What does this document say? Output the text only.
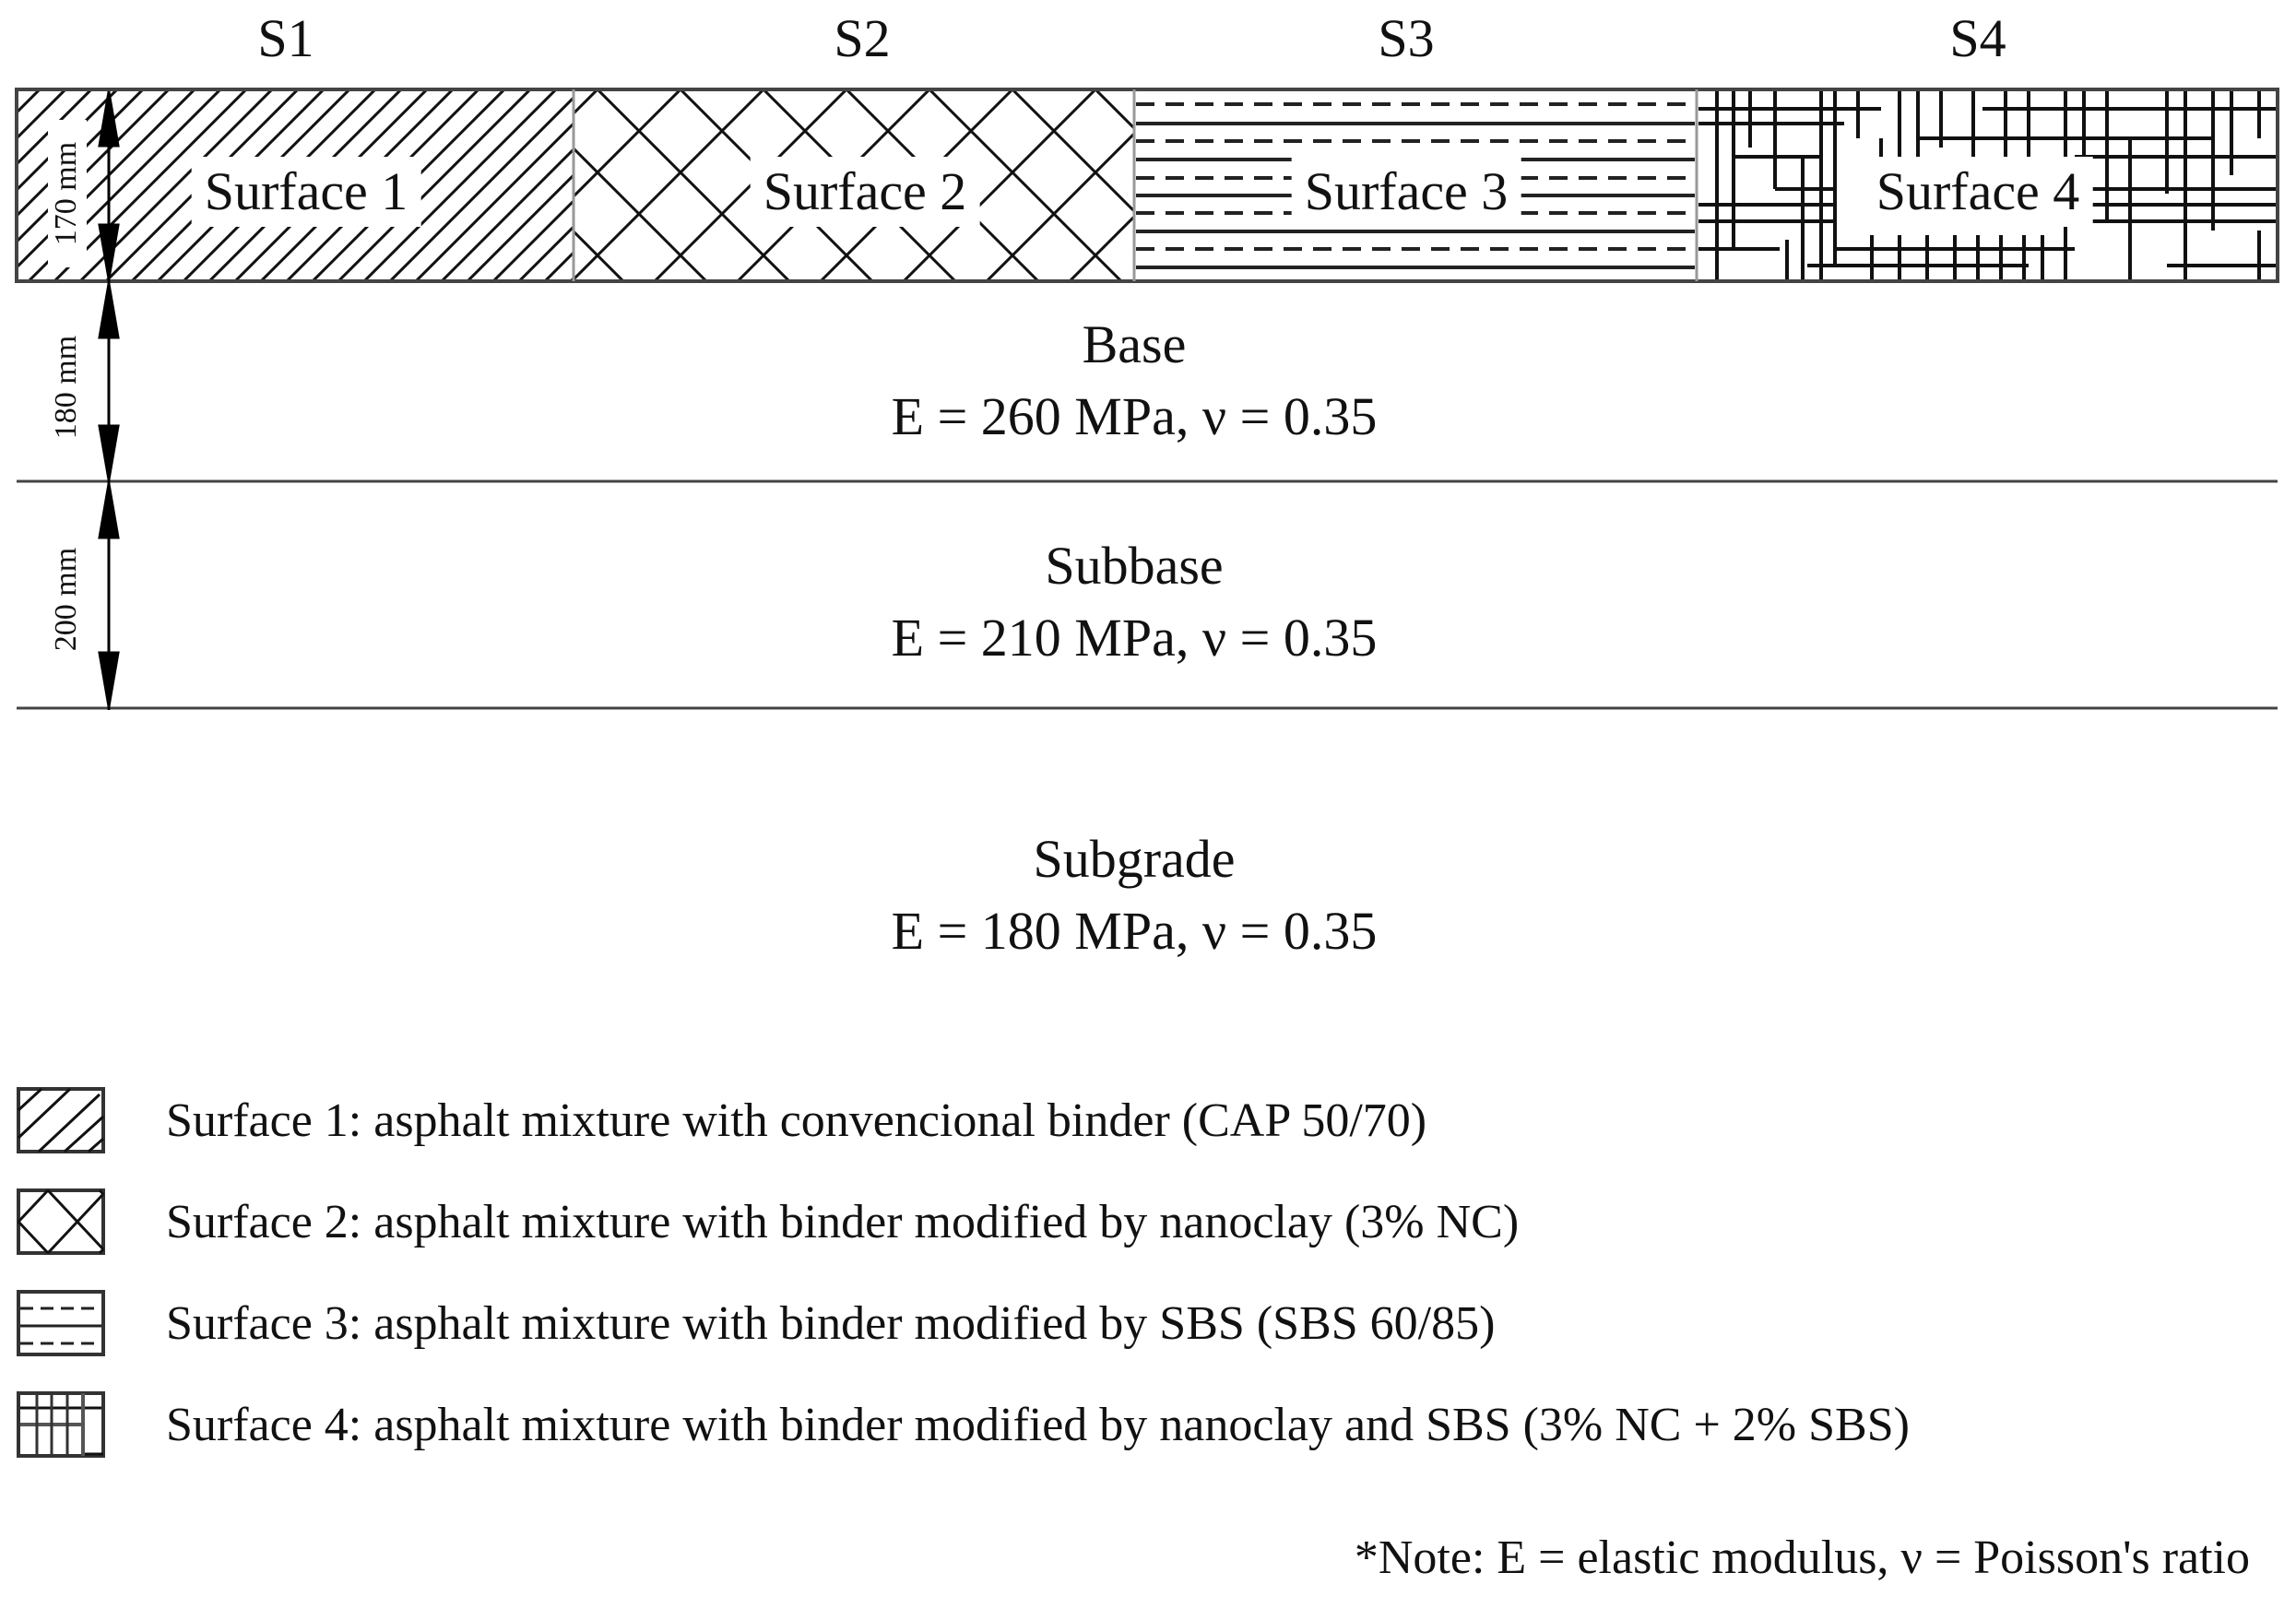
S1	S2	S3	S4
Surface 1	Surface 2	Surface 3	Surface 4
170 mm
180 mm
200 mm
Base
E = 260 MPa, ν = 0.35
Subbase
E = 210 MPa, ν = 0.35
Subgrade
E = 180 MPa, ν = 0.35
Surface 1: asphalt mixture with convencional binder (CAP 50/70)
Surface 2: asphalt mixture with binder modified by nanoclay (3% NC)
Surface 3: asphalt mixture with binder modified by SBS (SBS 60/85)
Surface 4: asphalt mixture with binder modified by nanoclay and SBS (3% NC + 2% SBS)
*Note: E = elastic modulus, ν = Poisson's ratio
